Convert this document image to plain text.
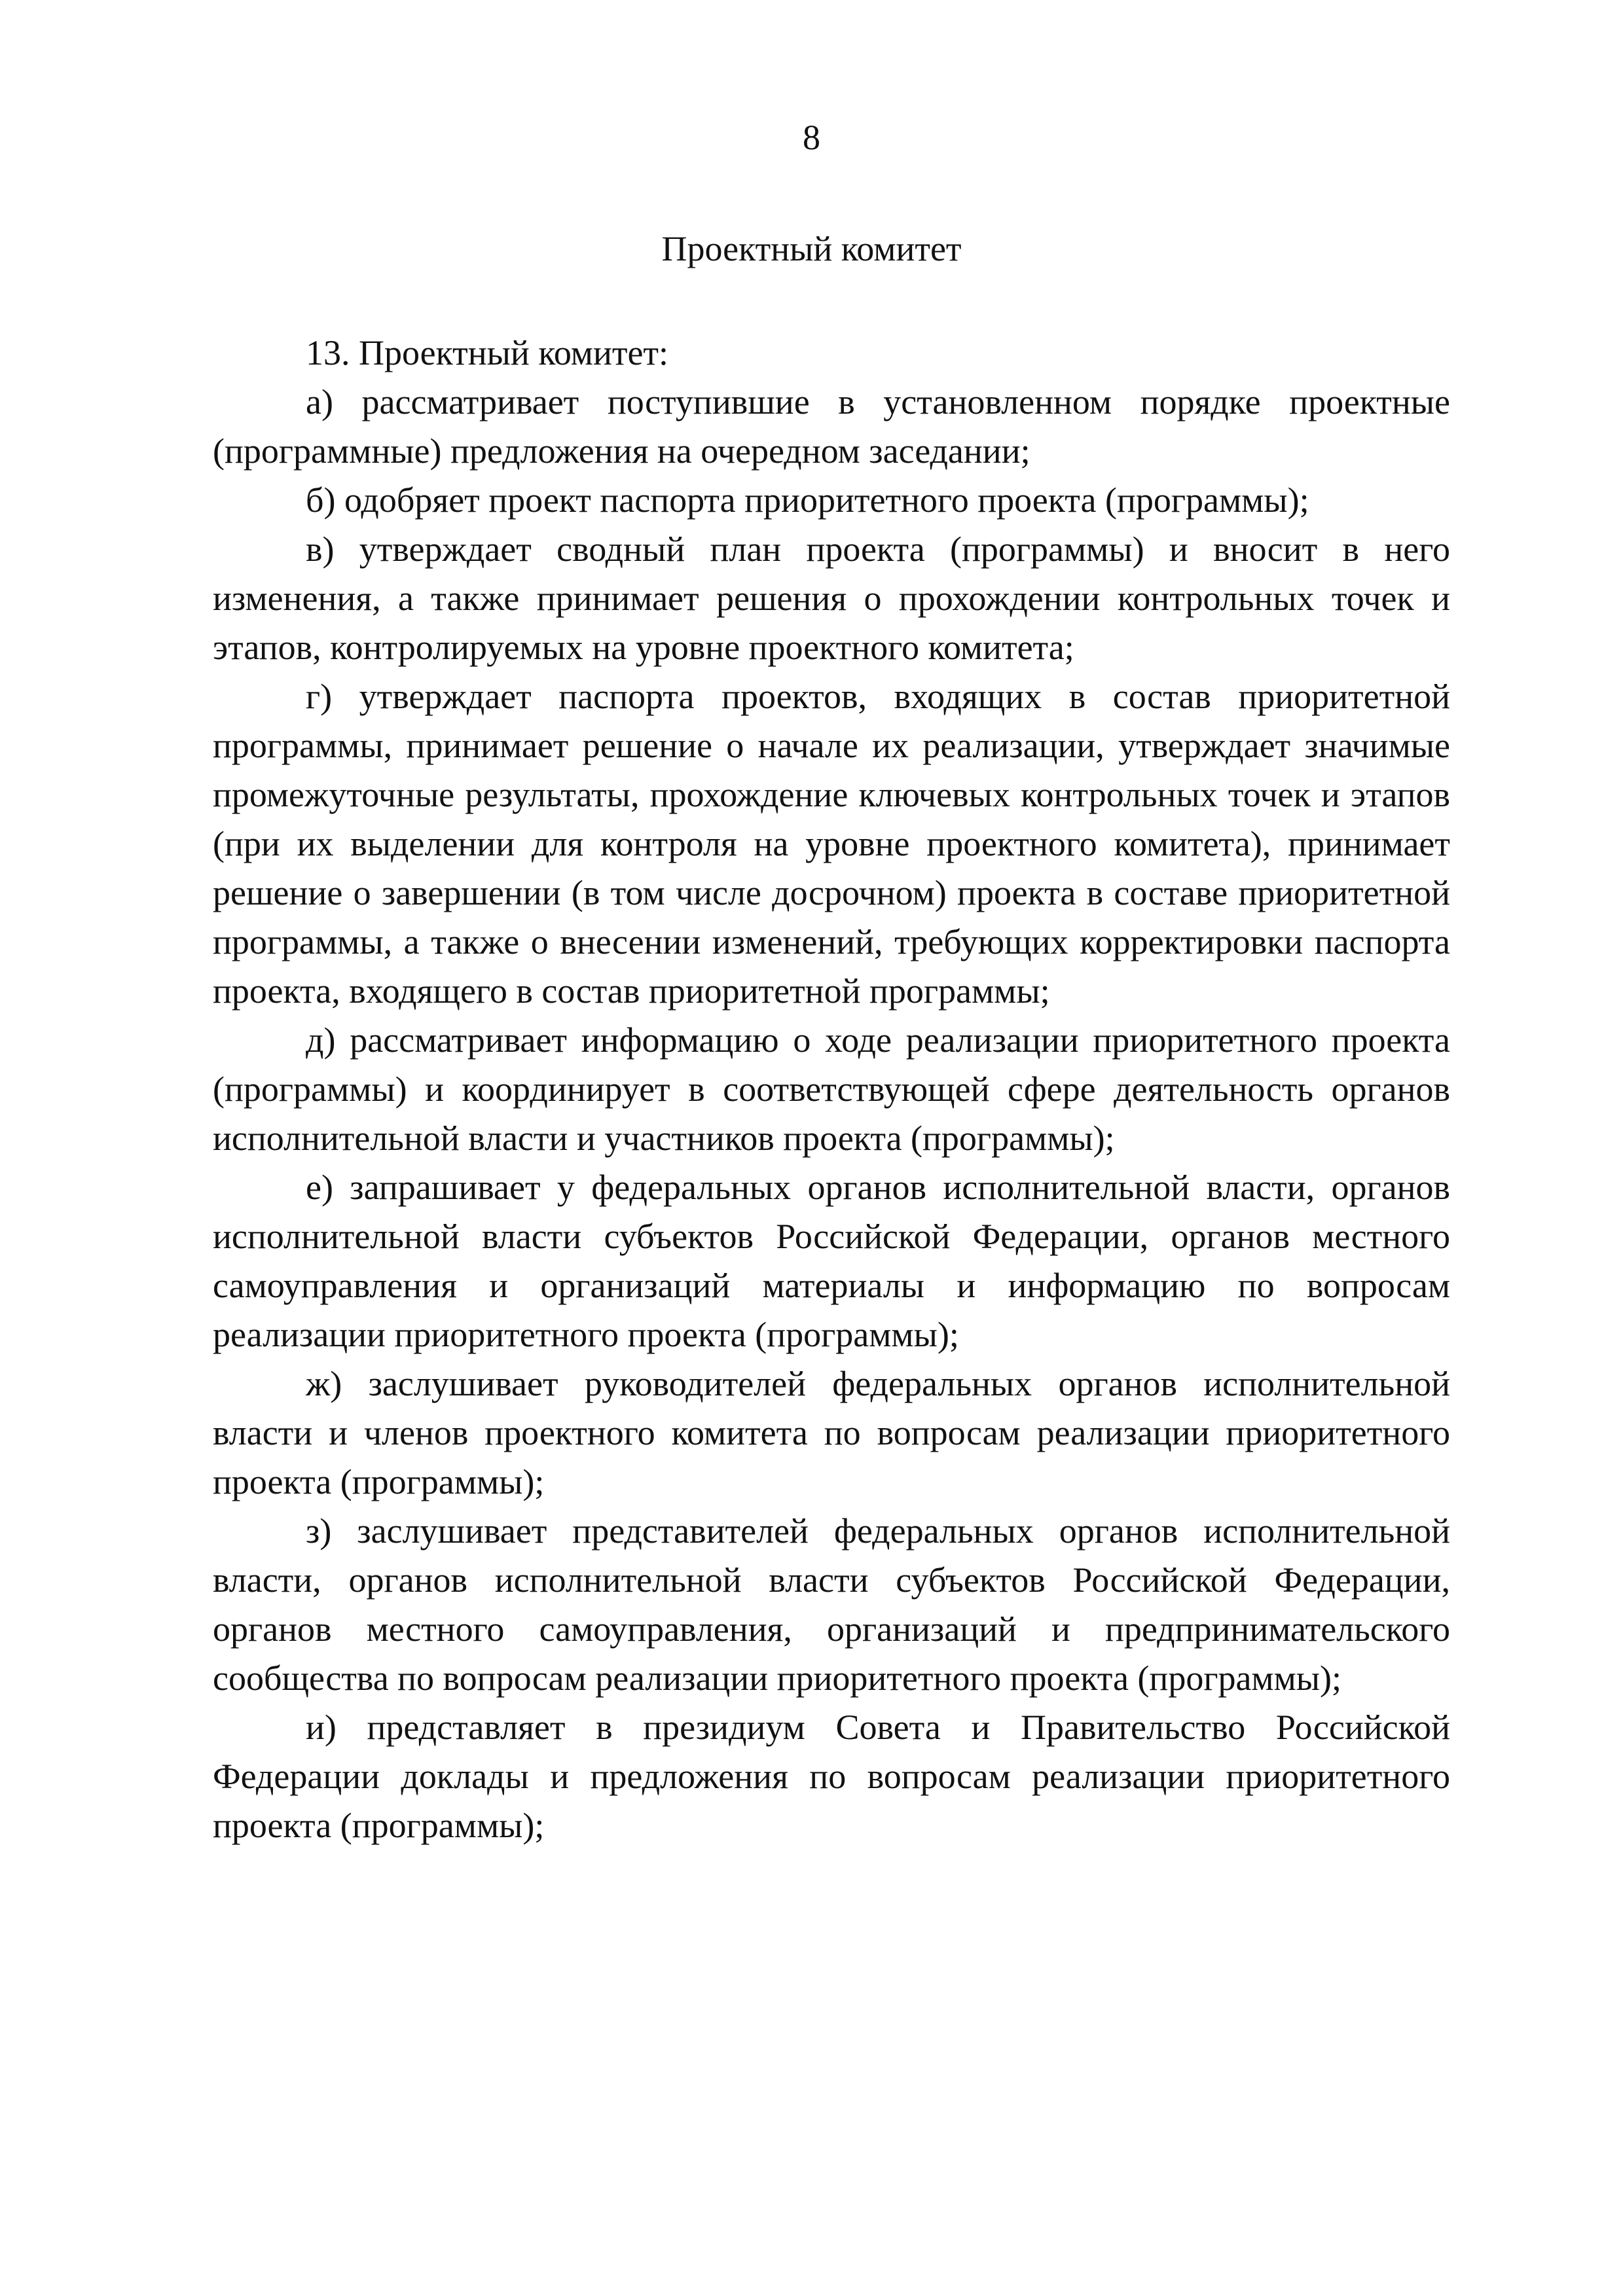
8
Проектный комитет

13. Проектный комитет:

а) рассматривает поступившие в установленном порядке проектные (программные) предложения на очередном заседании;

б) одобряет проект паспорта приоритетного проекта (программы);

в) утверждает сводный план проекта (программы) и вносит в него изменения, а также принимает решения о прохождении контрольных точек и этапов, контролируемых на уровне проектного комитета;

г) утверждает паспорта проектов, входящих в состав приоритетной программы, принимает решение о начале их реализации, утверждает значимые промежуточные результаты, прохождение ключевых контрольных точек и этапов (при их выделении для контроля на уровне проектного комитета), принимает решение о завершении (в том числе досрочном) проекта в составе приоритетной программы, а также о внесении изменений, требующих корректировки паспорта проекта, входящего в состав приоритетной программы;

д) рассматривает информацию о ходе реализации приоритетного проекта (программы) и координирует в соответствующей сфере деятельность органов исполнительной власти и участников проекта (программы);

е) запрашивает у федеральных органов исполнительной власти, органов исполнительной власти субъектов Российской Федерации, органов местного самоуправления и организаций материалы и информацию по вопросам реализации приоритетного проекта (программы);

ж) заслушивает руководителей федеральных органов исполнительной власти и членов проектного комитета по вопросам реализации приоритетного проекта (программы);

з) заслушивает представителей федеральных органов исполнительной власти, органов исполнительной власти субъектов Российской Федерации, органов местного самоуправления, организаций и предпринимательского сообщества по вопросам реализации приоритетного проекта (программы);

и) представляет в президиум Совета и Правительство Российской Федерации доклады и предложения по вопросам реализации приоритетного проекта (программы);
